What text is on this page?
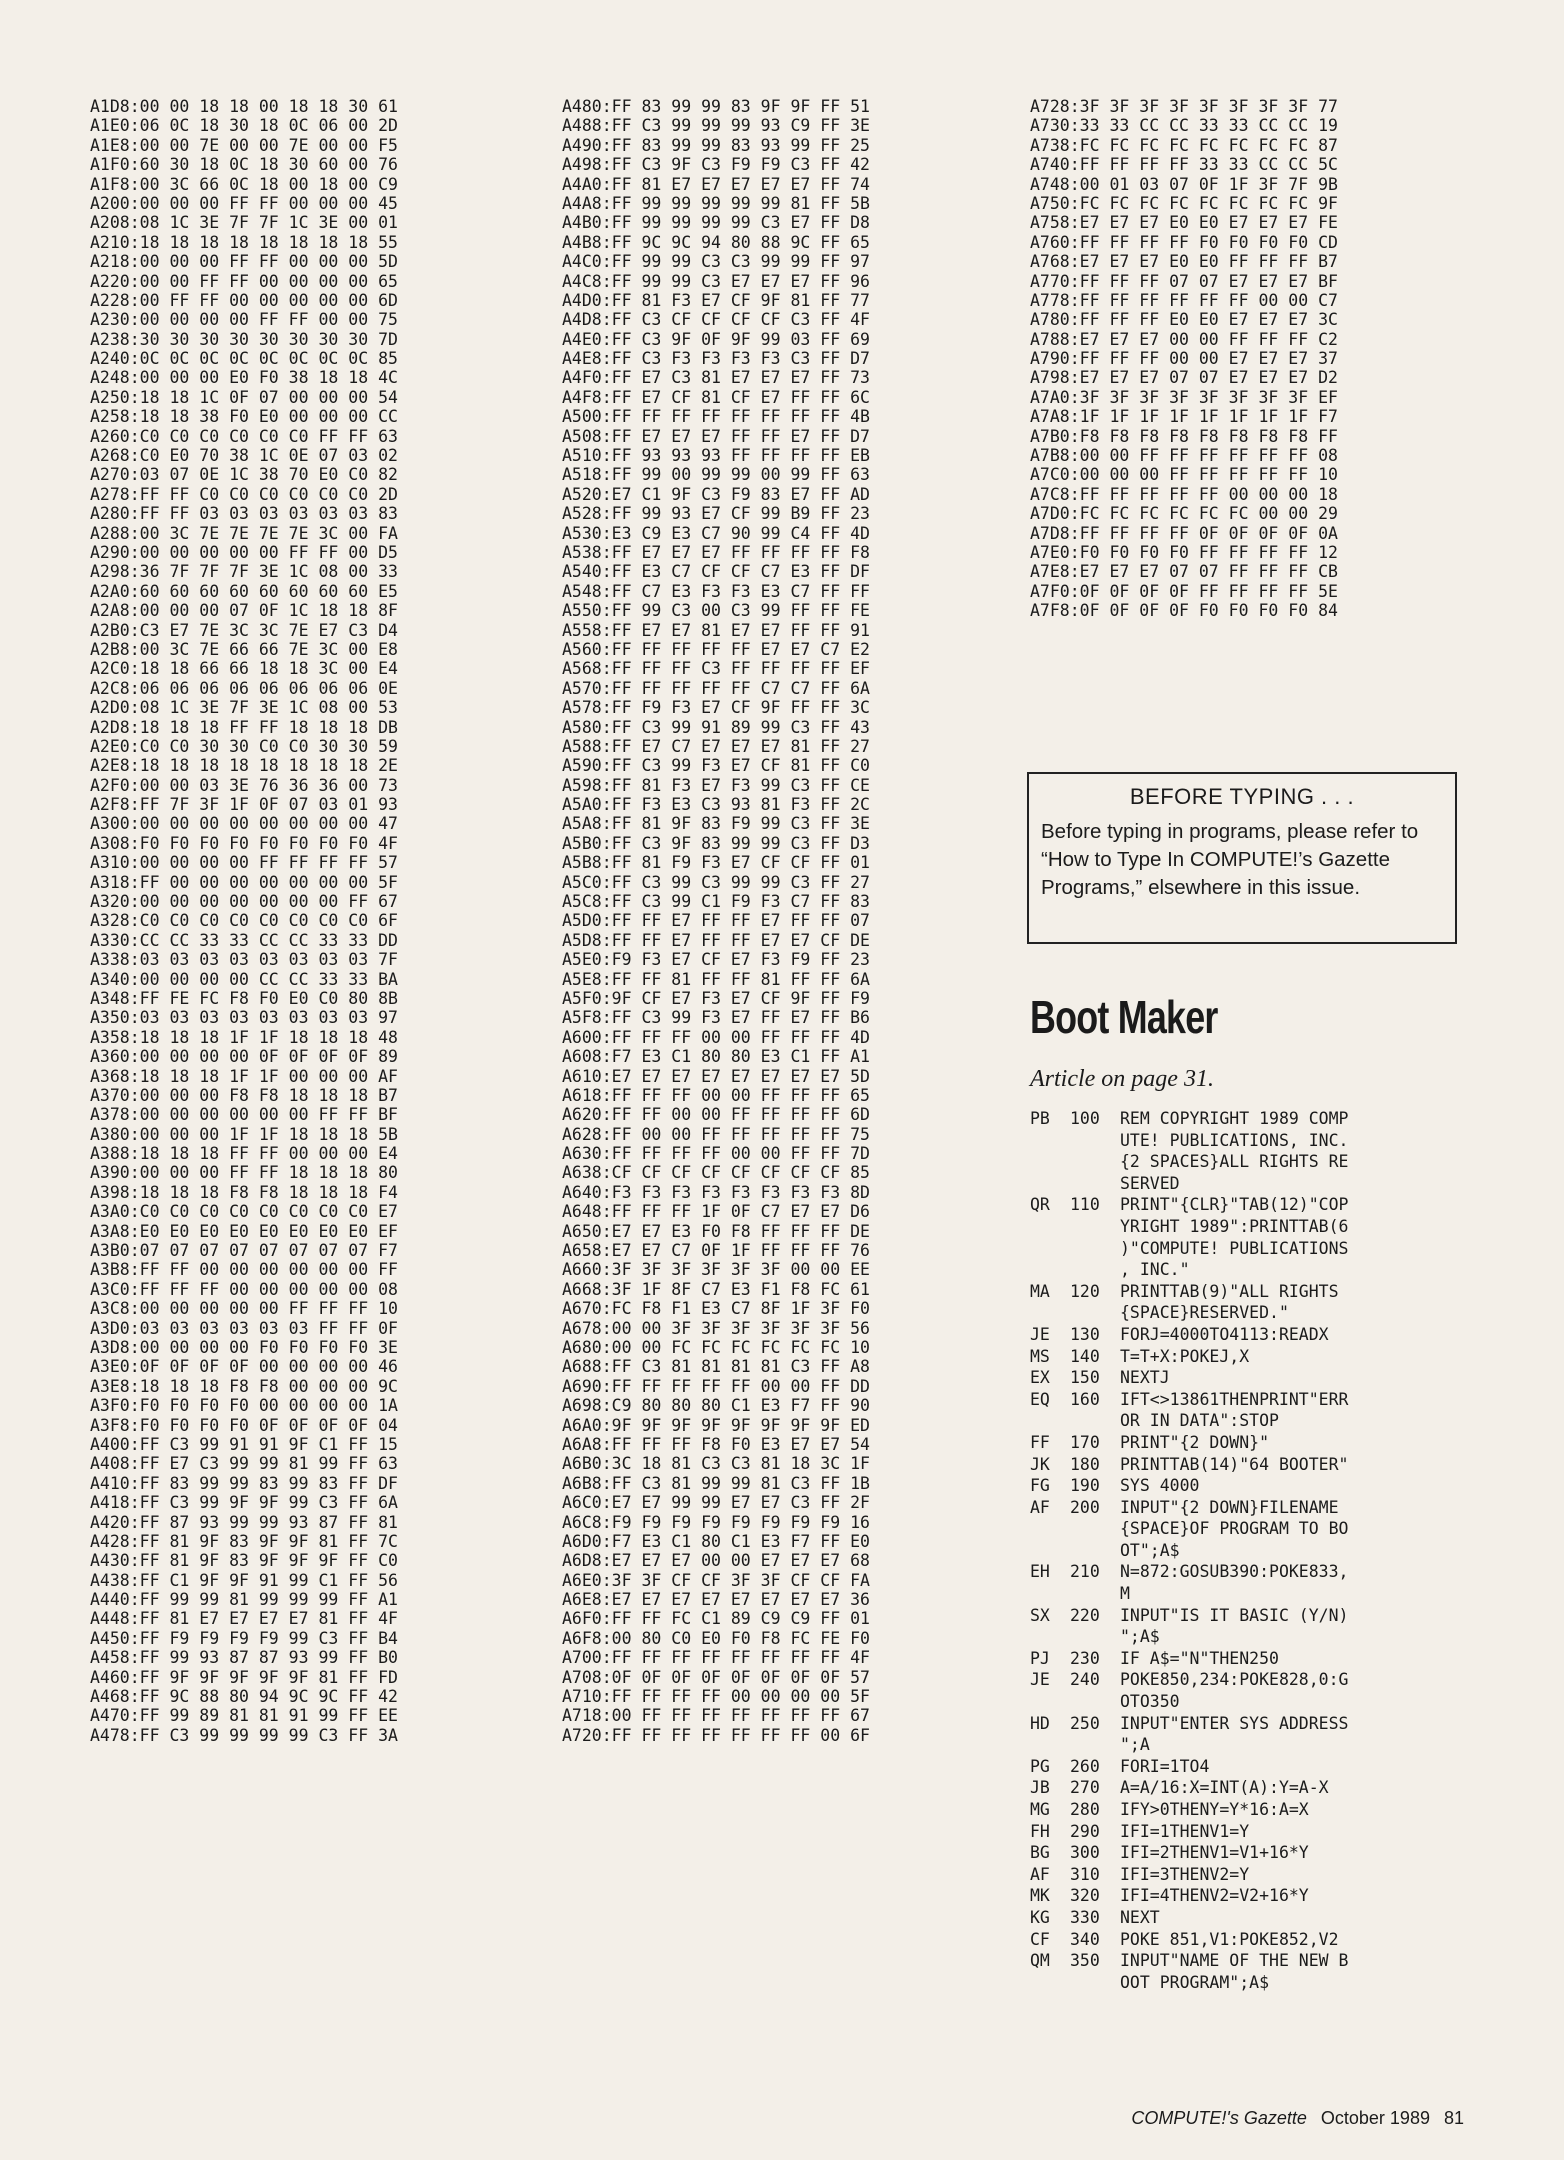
A1D8:00 00 18 18 00 18 18 30 61
A1E0:06 0C 18 30 18 0C 06 00 2D
A1E8:00 00 7E 00 00 7E 00 00 F5
A1F0:60 30 18 0C 18 30 60 00 76
A1F8:00 3C 66 0C 18 00 18 00 C9
A200:00 00 00 FF FF 00 00 00 45
A208:08 1C 3E 7F 7F 1C 3E 00 01
A210:18 18 18 18 18 18 18 18 55
A218:00 00 00 FF FF 00 00 00 5D
A220:00 00 FF FF 00 00 00 00 65
A228:00 FF FF 00 00 00 00 00 6D
A230:00 00 00 00 FF FF 00 00 75
A238:30 30 30 30 30 30 30 30 7D
A240:0C 0C 0C 0C 0C 0C 0C 0C 85
A248:00 00 00 E0 F0 38 18 18 4C
A250:18 18 1C 0F 07 00 00 00 54
A258:18 18 38 F0 E0 00 00 00 CC
A260:C0 C0 C0 C0 C0 C0 FF FF 63
A268:C0 E0 70 38 1C 0E 07 03 02
A270:03 07 0E 1C 38 70 E0 C0 82
A278:FF FF C0 C0 C0 C0 C0 C0 2D
A280:FF FF 03 03 03 03 03 03 83
A288:00 3C 7E 7E 7E 7E 3C 00 FA
A290:00 00 00 00 00 FF FF 00 D5
A298:36 7F 7F 7F 3E 1C 08 00 33
A2A0:60 60 60 60 60 60 60 60 E5
A2A8:00 00 00 07 0F 1C 18 18 8F
A2B0:C3 E7 7E 3C 3C 7E E7 C3 D4
A2B8:00 3C 7E 66 66 7E 3C 00 E8
A2C0:18 18 66 66 18 18 3C 00 E4
A2C8:06 06 06 06 06 06 06 06 0E
A2D0:08 1C 3E 7F 3E 1C 08 00 53
A2D8:18 18 18 FF FF 18 18 18 DB
A2E0:C0 C0 30 30 C0 C0 30 30 59
A2E8:18 18 18 18 18 18 18 18 2E
A2F0:00 00 03 3E 76 36 36 00 73
A2F8:FF 7F 3F 1F 0F 07 03 01 93
A300:00 00 00 00 00 00 00 00 47
A308:F0 F0 F0 F0 F0 F0 F0 F0 4F
A310:00 00 00 00 FF FF FF FF 57
A318:FF 00 00 00 00 00 00 00 5F
A320:00 00 00 00 00 00 00 FF 67
A328:C0 C0 C0 C0 C0 C0 C0 C0 6F
A330:CC CC 33 33 CC CC 33 33 DD
A338:03 03 03 03 03 03 03 03 7F
A340:00 00 00 00 CC CC 33 33 BA
A348:FF FE FC F8 F0 E0 C0 80 8B
A350:03 03 03 03 03 03 03 03 97
A358:18 18 18 1F 1F 18 18 18 48
A360:00 00 00 00 0F 0F 0F 0F 89
A368:18 18 18 1F 1F 00 00 00 AF
A370:00 00 00 F8 F8 18 18 18 B7
A378:00 00 00 00 00 00 FF FF BF
A380:00 00 00 1F 1F 18 18 18 5B
A388:18 18 18 FF FF 00 00 00 E4
A390:00 00 00 FF FF 18 18 18 80
A398:18 18 18 F8 F8 18 18 18 F4
A3A0:C0 C0 C0 C0 C0 C0 C0 C0 E7
A3A8:E0 E0 E0 E0 E0 E0 E0 E0 EF
A3B0:07 07 07 07 07 07 07 07 F7
A3B8:FF FF 00 00 00 00 00 00 FF
A3C0:FF FF FF 00 00 00 00 00 08
A3C8:00 00 00 00 00 FF FF FF 10
A3D0:03 03 03 03 03 03 FF FF 0F
A3D8:00 00 00 00 F0 F0 F0 F0 3E
A3E0:0F 0F 0F 0F 00 00 00 00 46
A3E8:18 18 18 F8 F8 00 00 00 9C
A3F0:F0 F0 F0 F0 00 00 00 00 1A
A3F8:F0 F0 F0 F0 0F 0F 0F 0F 04
A400:FF C3 99 91 91 9F C1 FF 15
A408:FF E7 C3 99 99 81 99 FF 63
A410:FF 83 99 99 83 99 83 FF DF
A418:FF C3 99 9F 9F 99 C3 FF 6A
A420:FF 87 93 99 99 93 87 FF 81
A428:FF 81 9F 83 9F 9F 81 FF 7C
A430:FF 81 9F 83 9F 9F 9F FF C0
A438:FF C1 9F 9F 91 99 C1 FF 56
A440:FF 99 99 81 99 99 99 FF A1
A448:FF 81 E7 E7 E7 E7 81 FF 4F
A450:FF F9 F9 F9 F9 99 C3 FF B4
A458:FF 99 93 87 87 93 99 FF B0
A460:FF 9F 9F 9F 9F 9F 81 FF FD
A468:FF 9C 88 80 94 9C 9C FF 42
A470:FF 99 89 81 81 91 99 FF EE
A478:FF C3 99 99 99 99 C3 FF 3A
A480:FF 83 99 99 83 9F 9F FF 51
A488:FF C3 99 99 99 93 C9 FF 3E
A490:FF 83 99 99 83 93 99 FF 25
A498:FF C3 9F C3 F9 F9 C3 FF 42
A4A0:FF 81 E7 E7 E7 E7 E7 FF 74
A4A8:FF 99 99 99 99 99 81 FF 5B
A4B0:FF 99 99 99 99 C3 E7 FF D8
A4B8:FF 9C 9C 94 80 88 9C FF 65
A4C0:FF 99 99 C3 C3 99 99 FF 97
A4C8:FF 99 99 C3 E7 E7 E7 FF 96
A4D0:FF 81 F3 E7 CF 9F 81 FF 77
A4D8:FF C3 CF CF CF CF C3 FF 4F
A4E0:FF C3 9F 0F 9F 99 03 FF 69
A4E8:FF C3 F3 F3 F3 F3 C3 FF D7
A4F0:FF E7 C3 81 E7 E7 E7 FF 73
A4F8:FF E7 CF 81 CF E7 FF FF 6C
A500:FF FF FF FF FF FF FF FF 4B
A508:FF E7 E7 E7 FF FF E7 FF D7
A510:FF 93 93 93 FF FF FF FF EB
A518:FF 99 00 99 99 00 99 FF 63
A520:E7 C1 9F C3 F9 83 E7 FF AD
A528:FF 99 93 E7 CF 99 B9 FF 23
A530:E3 C9 E3 C7 90 99 C4 FF 4D
A538:FF E7 E7 E7 FF FF FF FF F8
A540:FF E3 C7 CF CF C7 E3 FF DF
A548:FF C7 E3 F3 F3 E3 C7 FF FF
A550:FF 99 C3 00 C3 99 FF FF FE
A558:FF E7 E7 81 E7 E7 FF FF 91
A560:FF FF FF FF FF E7 E7 C7 E2
A568:FF FF FF C3 FF FF FF FF EF
A570:FF FF FF FF FF C7 C7 FF 6A
A578:FF F9 F3 E7 CF 9F FF FF 3C
A580:FF C3 99 91 89 99 C3 FF 43
A588:FF E7 C7 E7 E7 E7 81 FF 27
A590:FF C3 99 F3 E7 CF 81 FF C0
A598:FF 81 F3 E7 F3 99 C3 FF CE
A5A0:FF F3 E3 C3 93 81 F3 FF 2C
A5A8:FF 81 9F 83 F9 99 C3 FF 3E
A5B0:FF C3 9F 83 99 99 C3 FF D3
A5B8:FF 81 F9 F3 E7 CF CF FF 01
A5C0:FF C3 99 C3 99 99 C3 FF 27
A5C8:FF C3 99 C1 F9 F3 C7 FF 83
A5D0:FF FF E7 FF FF E7 FF FF 07
A5D8:FF FF E7 FF FF E7 E7 CF DE
A5E0:F9 F3 E7 CF E7 F3 F9 FF 23
A5E8:FF FF 81 FF FF 81 FF FF 6A
A5F0:9F CF E7 F3 E7 CF 9F FF F9
A5F8:FF C3 99 F3 E7 FF E7 FF B6
A600:FF FF FF 00 00 FF FF FF 4D
A608:F7 E3 C1 80 80 E3 C1 FF A1
A610:E7 E7 E7 E7 E7 E7 E7 E7 5D
A618:FF FF FF 00 00 FF FF FF 65
A620:FF FF 00 00 FF FF FF FF 6D
A628:FF 00 00 FF FF FF FF FF 75
A630:FF FF FF FF 00 00 FF FF 7D
A638:CF CF CF CF CF CF CF CF 85
A640:F3 F3 F3 F3 F3 F3 F3 F3 8D
A648:FF FF FF 1F 0F C7 E7 E7 D6
A650:E7 E7 E3 F0 F8 FF FF FF DE
A658:E7 E7 C7 0F 1F FF FF FF 76
A660:3F 3F 3F 3F 3F 3F 00 00 EE
A668:3F 1F 8F C7 E3 F1 F8 FC 61
A670:FC F8 F1 E3 C7 8F 1F 3F F0
A678:00 00 3F 3F 3F 3F 3F 3F 56
A680:00 00 FC FC FC FC FC FC 10
A688:FF C3 81 81 81 81 C3 FF A8
A690:FF FF FF FF FF 00 00 FF DD
A698:C9 80 80 80 C1 E3 F7 FF 90
A6A0:9F 9F 9F 9F 9F 9F 9F 9F ED
A6A8:FF FF FF F8 F0 E3 E7 E7 54
A6B0:3C 18 81 C3 C3 81 18 3C 1F
A6B8:FF C3 81 99 99 81 C3 FF 1B
A6C0:E7 E7 99 99 E7 E7 C3 FF 2F
A6C8:F9 F9 F9 F9 F9 F9 F9 F9 16
A6D0:F7 E3 C1 80 C1 E3 F7 FF E0
A6D8:E7 E7 E7 00 00 E7 E7 E7 68
A6E0:3F 3F CF CF 3F 3F CF CF FA
A6E8:E7 E7 E7 E7 E7 E7 E7 E7 36
A6F0:FF FF FC C1 89 C9 C9 FF 01
A6F8:00 80 C0 E0 F0 F8 FC FE F0
A700:FF FF FF FF FF FF FF FF 4F
A708:0F 0F 0F 0F 0F 0F 0F 0F 57
A710:FF FF FF FF 00 00 00 00 5F
A718:00 FF FF FF FF FF FF FF 67
A720:FF FF FF FF FF FF FF 00 6F
A728:3F 3F 3F 3F 3F 3F 3F 3F 77
A730:33 33 CC CC 33 33 CC CC 19
A738:FC FC FC FC FC FC FC FC 87
A740:FF FF FF FF 33 33 CC CC 5C
A748:00 01 03 07 0F 1F 3F 7F 9B
A750:FC FC FC FC FC FC FC FC 9F
A758:E7 E7 E7 E0 E0 E7 E7 E7 FE
A760:FF FF FF FF F0 F0 F0 F0 CD
A768:E7 E7 E7 E0 E0 FF FF FF B7
A770:FF FF FF 07 07 E7 E7 E7 BF
A778:FF FF FF FF FF FF 00 00 C7
A780:FF FF FF E0 E0 E7 E7 E7 3C
A788:E7 E7 E7 00 00 FF FF FF C2
A790:FF FF FF 00 00 E7 E7 E7 37
A798:E7 E7 E7 07 07 E7 E7 E7 D2
A7A0:3F 3F 3F 3F 3F 3F 3F 3F EF
A7A8:1F 1F 1F 1F 1F 1F 1F 1F F7
A7B0:F8 F8 F8 F8 F8 F8 F8 F8 FF
A7B8:00 00 FF FF FF FF FF FF 08
A7C0:00 00 00 FF FF FF FF FF 10
A7C8:FF FF FF FF FF 00 00 00 18
A7D0:FC FC FC FC FC FC 00 00 29
A7D8:FF FF FF FF 0F 0F 0F 0F 0A
A7E0:F0 F0 F0 F0 FF FF FF FF 12
A7E8:E7 E7 E7 07 07 FF FF FF CB
A7F0:0F 0F 0F 0F FF FF FF FF 5E
A7F8:0F 0F 0F 0F F0 F0 F0 F0 84

BEFORE TYPING . . .

Before typing in programs, please refer to “How to Type In COMPUTE!’s Gazette Programs,” elsewhere in this issue.

Boot Maker
Article on page 31.
PB	100	REM COPYRIGHT 1989 COMP
UTE! PUBLICATIONS, INC.
{2 SPACES}ALL RIGHTS RE
SERVED
QR	110	PRINT"{CLR}"TAB(12)"COP
YRIGHT 1989":PRINTTAB(6
)"COMPUTE! PUBLICATIONS
, INC."
MA	120	PRINTTAB(9)"ALL RIGHTS
{SPACE}RESERVED."
JE	130	FORJ=4000TO4113:READX
MS	140	T=T+X:POKEJ,X
EX	150	NEXTJ
EQ	160	IFT<>13861THENPRINT"ERR
OR IN DATA":STOP
FF	170	PRINT"{2 DOWN}"
JK	180	PRINTTAB(14)"64 BOOTER"
FG	190	SYS 4000
AF	200	INPUT"{2 DOWN}FILENAME
{SPACE}OF PROGRAM TO BO
OT";A$
EH	210	N=872:GOSUB390:POKE833,
M
SX	220	INPUT"IS IT BASIC (Y/N)
";A$
PJ	230	IF A$="N"THEN250
JE	240	POKE850,234:POKE828,0:G
OTO350
HD	250	INPUT"ENTER SYS ADDRESS
";A
PG	260	FORI=1TO4
JB	270	A=A/16:X=INT(A):Y=A-X
MG	280	IFY>0THENY=Y*16:A=X
FH	290	IFI=1THENV1=Y
BG	300	IFI=2THENV1=V1+16*Y
AF	310	IFI=3THENV2=Y
MK	320	IFI=4THENV2=V2+16*Y
KG	330	NEXT
CF	340	POKE 851,V1:POKE852,V2
QM	350	INPUT"NAME OF THE NEW B
OOT PROGRAM";A$
COMPUTE!'s Gazette October 1989 81
